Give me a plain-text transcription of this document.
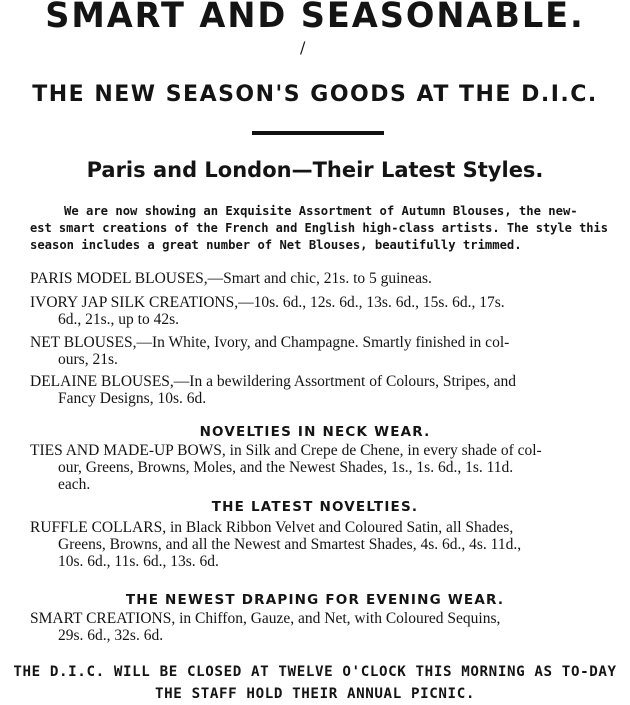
SMART AND SEASONABLE.
/
THE NEW SEASON'S GOODS AT THE D.I.C.
Paris and London—Their Latest Styles.
We are now showing an Exquisite Assortment of Autumn Blouses, the new-
est smart creations of the French and English high-class artists. The style this
season includes a great number of Net Blouses, beautifully trimmed.
PARIS MODEL BLOUSES,—Smart and chic, 21s. to 5 guineas.
IVORY JAP SILK CREATIONS,—10s. 6d., 12s. 6d., 13s. 6d., 15s. 6d., 17s.
6d., 21s., up to 42s.
NET BLOUSES,—In White, Ivory, and Champagne. Smartly finished in col-
ours, 21s.
DELAINE BLOUSES,—In a bewildering Assortment of Colours, Stripes, and
Fancy Designs, 10s. 6d.
NOVELTIES IN NECK WEAR.
TIES AND MADE-UP BOWS, in Silk and Crepe de Chene, in every shade of col-
our, Greens, Browns, Moles, and the Newest Shades, 1s., 1s. 6d., 1s. 11d.
each.
THE LATEST NOVELTIES.
RUFFLE COLLARS, in Black Ribbon Velvet and Coloured Satin, all Shades,
Greens, Browns, and all the Newest and Smartest Shades, 4s. 6d., 4s. 11d.,
10s. 6d., 11s. 6d., 13s. 6d.
THE NEWEST DRAPING FOR EVENING WEAR.
SMART CREATIONS, in Chiffon, Gauze, and Net, with Coloured Sequins,
29s. 6d., 32s. 6d.
THE D.I.C. WILL BE CLOSED AT TWELVE O'CLOCK THIS MORNING AS TO-DAY
THE STAFF HOLD THEIR ANNUAL PICNIC.
